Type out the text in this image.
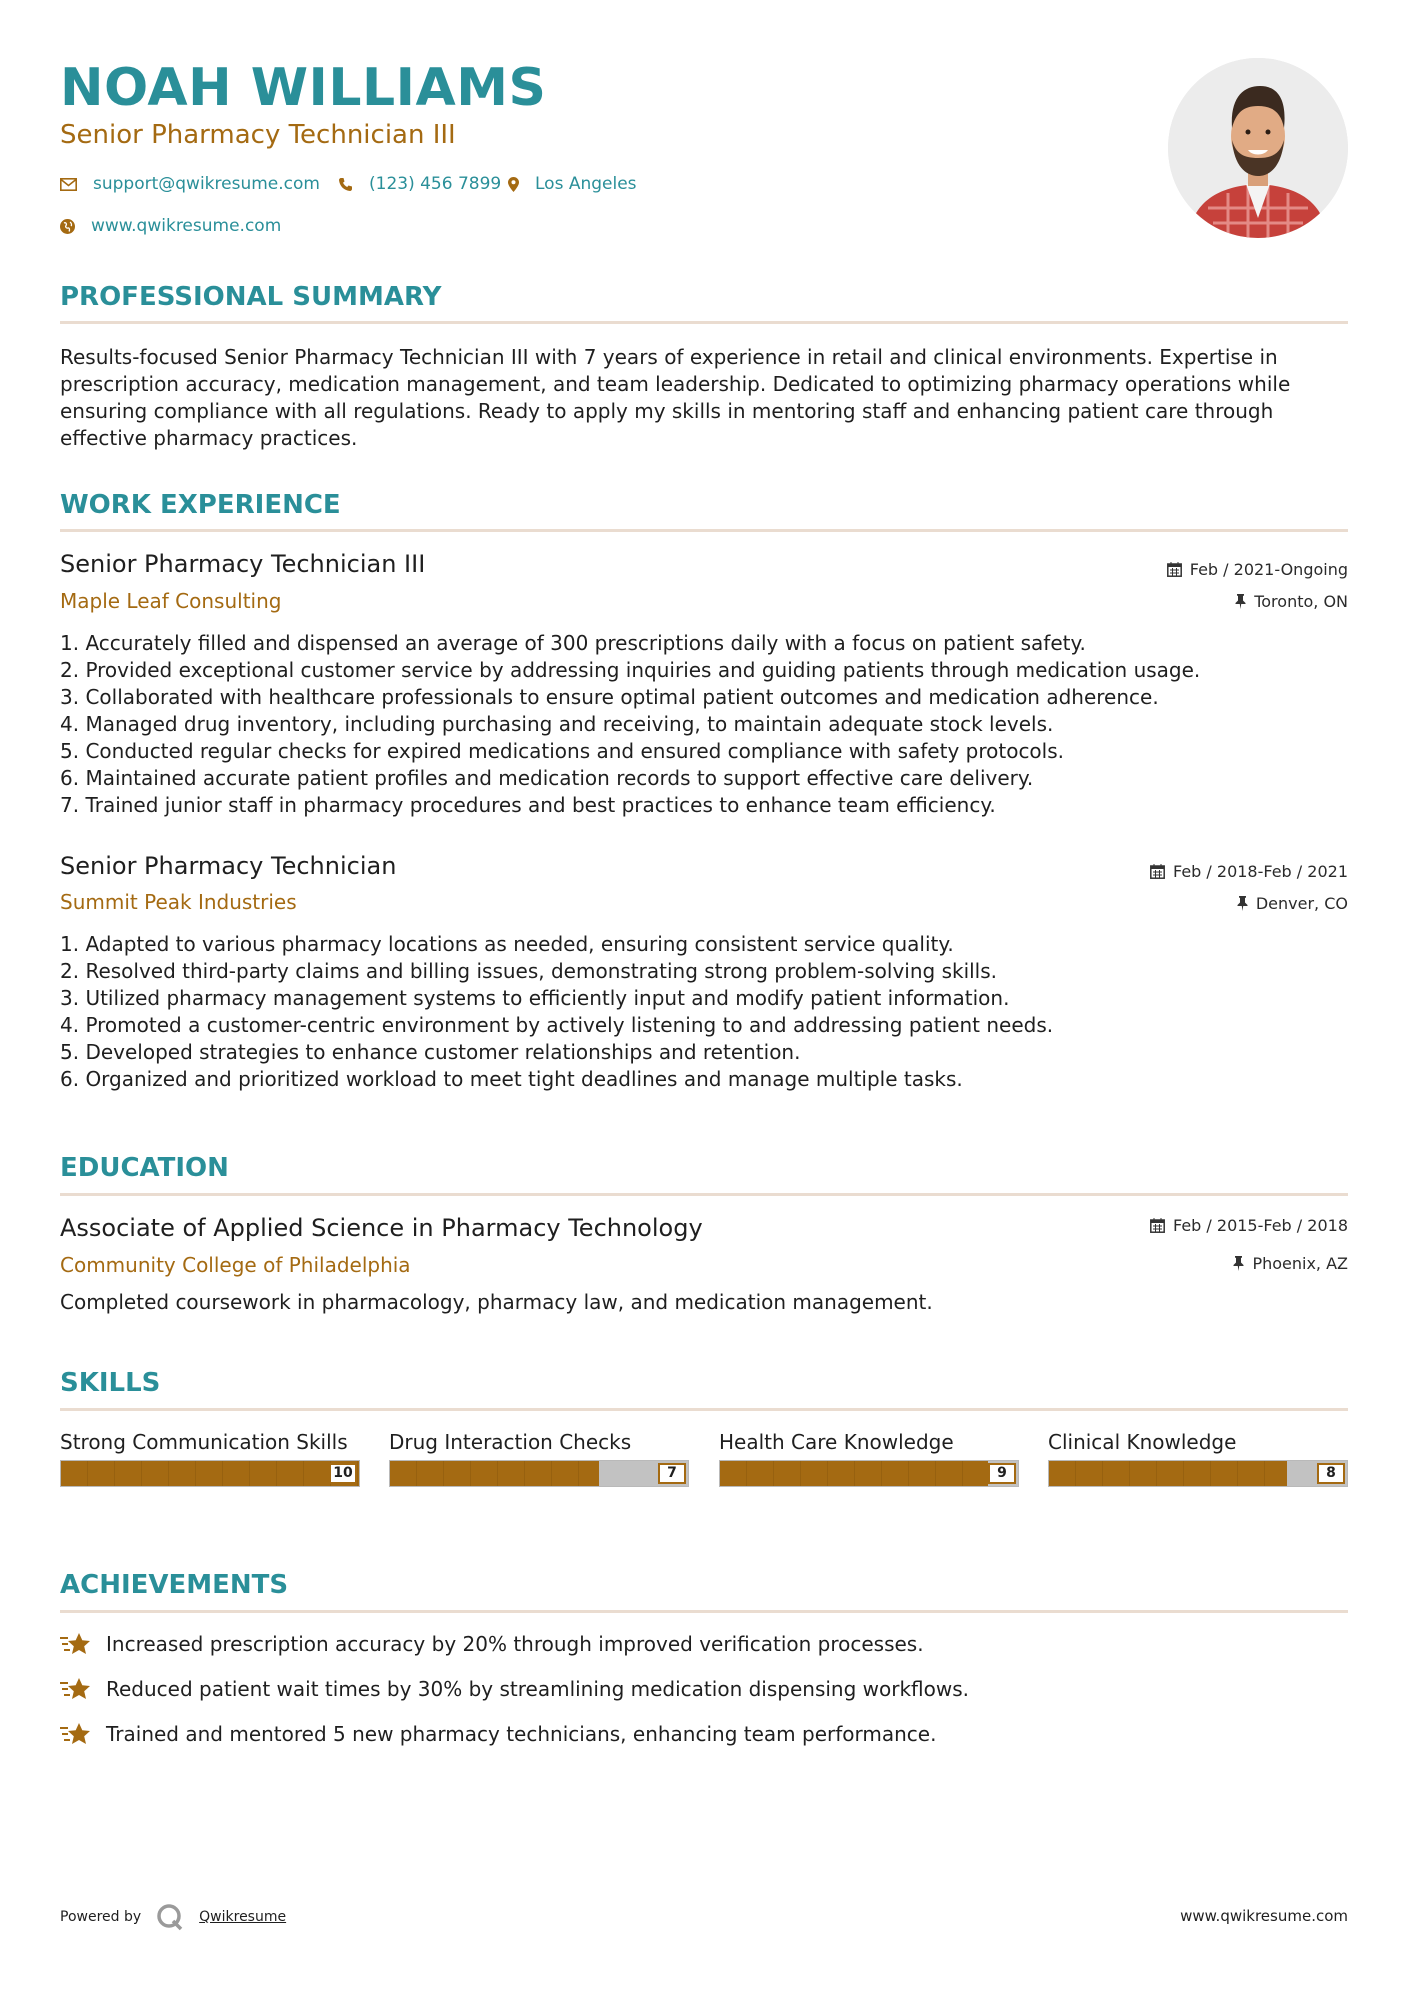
NOAH WILLIAMS
Senior Pharmacy Technician III
support@qwikresume.com	(123) 456 7899 Los Angeles
www.qwikresume.com
PROFESSIONAL SUMMARY

Results-focused Senior Pharmacy Technician III with 7 years of experience in retail and clinical environments. Expertise in prescription accuracy, medication management, and team leadership. Dedicated to optimizing pharmacy operations while ensuring compliance with all regulations. Ready to apply my skills in mentoring staff and enhancing patient care through effective pharmacy practices.

WORK EXPERIENCE
Senior Pharmacy Technician III	Feb / 2021-Ongoing
Maple Leaf Consulting	Toronto, ON
1. Accurately filled and dispensed an average of 300 prescriptions daily with a focus on patient safety.
2. Provided exceptional customer service by addressing inquiries and guiding patients through medication usage.
3. Collaborated with healthcare professionals to ensure optimal patient outcomes and medication adherence.
4. Managed drug inventory, including purchasing and receiving, to maintain adequate stock levels.
5. Conducted regular checks for expired medications and ensured compliance with safety protocols.
6. Maintained accurate patient profiles and medication records to support effective care delivery.
7. Trained junior staff in pharmacy procedures and best practices to enhance team efficiency.
Senior Pharmacy Technician	Feb / 2018-Feb / 2021
Summit Peak Industries	Denver, CO
1. Adapted to various pharmacy locations as needed, ensuring consistent service quality.
2. Resolved third-party claims and billing issues, demonstrating strong problem-solving skills.
3. Utilized pharmacy management systems to efficiently input and modify patient information.
4. Promoted a customer-centric environment by actively listening to and addressing patient needs.
5. Developed strategies to enhance customer relationships and retention.
6. Organized and prioritized workload to meet tight deadlines and manage multiple tasks.
EDUCATION
Associate of Applied Science in Pharmacy Technology	Feb / 2015-Feb / 2018
Community College of Philadelphia	Phoenix, AZ

Completed coursework in pharmacology, pharmacy law, and medication management.

SKILLS
Strong Communication Skills
10
Drug Interaction Checks
7
Health Care Knowledge
9
Clinical Knowledge
8
ACHIEVEMENTS
Increased prescription accuracy by 20% through improved verification processes.
Reduced patient wait times by 30% by streamlining medication dispensing workflows.
Trained and mentored 5 new pharmacy technicians, enhancing team performance.
Powered by	Qwikresume	www.qwikresume.com
